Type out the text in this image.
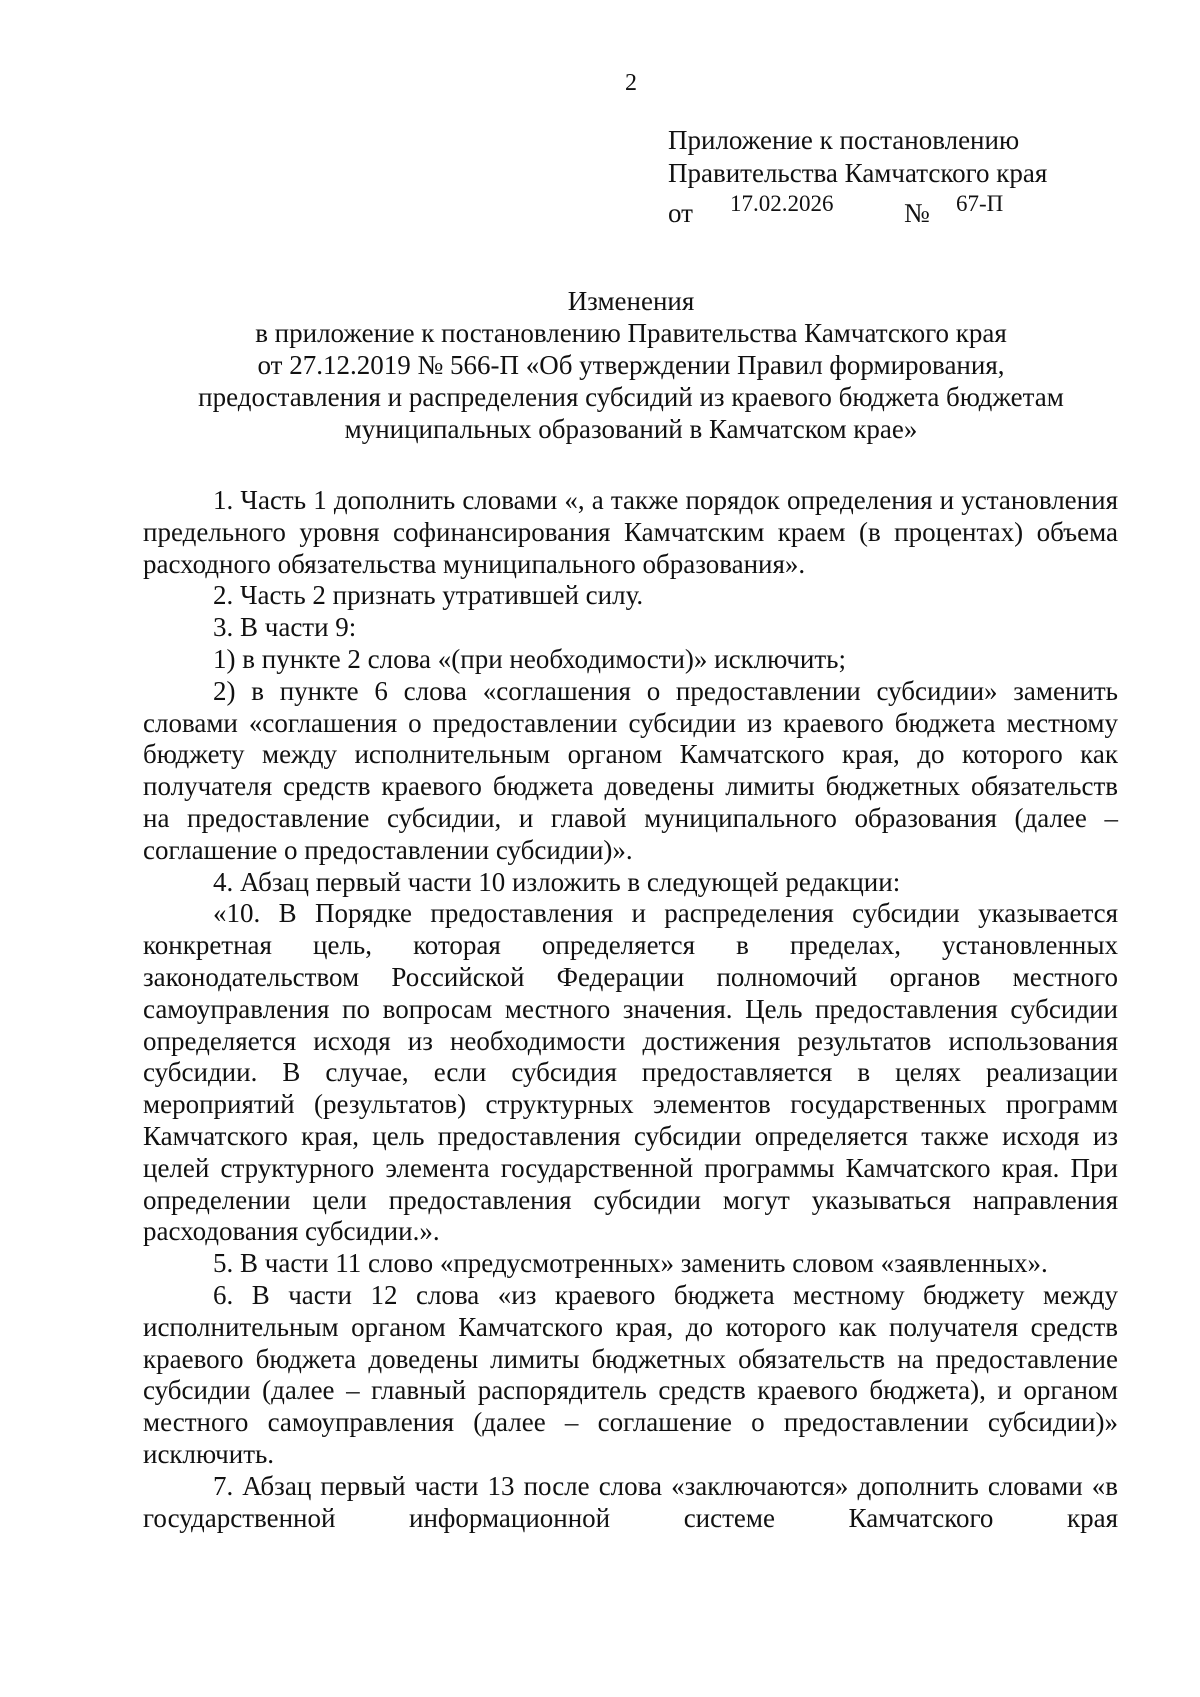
2
Приложение к постановлению
Правительства Камчатского края
от 17.02.2026	№ 67-П
Изменения
в приложение к постановлению Правительства Камчатского края
от 27.12.2019 № 566-П «Об утверждении Правил формирования,
предоставления и распределения субсидий из краевого бюджета бюджетам
муниципальных образований в Камчатском крае»

1. Часть 1 дополнить словами «, а также порядок определения и установления предельного уровня софинансирования Камчатским краем (в процентах) объема расходного обязательства муниципального образования».

2. Часть 2 признать утратившей силу.

3. В части 9:

1) в пункте 2 слова «(при необходимости)» исключить;

2) в пункте 6 слова «соглашения о предоставлении субсидии» заменить словами «соглашения о предоставлении субсидии из краевого бюджета местному бюджету между исполнительным органом Камчатского края, до которого как получателя средств краевого бюджета доведены лимиты бюджетных обязательств на предоставление субсидии, и главой муниципального образования (далее – соглашение о предоставлении субсидии)».

4. Абзац первый части 10 изложить в следующей редакции:

«10. В Порядке предоставления и распределения субсидии указывается конкретная цель, которая определяется в пределах, установленных законодательством Российской Федерации полномочий органов местного самоуправления по вопросам местного значения. Цель предоставления субсидии определяется исходя из необходимости достижения результатов использования субсидии. В случае, если субсидия предоставляется в целях реализации мероприятий (результатов) структурных элементов государственных программ Камчатского края, цель предоставления субсидии определяется также исходя из целей структурного элемента государственной программы Камчатского края. При определении цели предоставления субсидии могут указываться направления расходования субсидии.».

5. В части 11 слово «предусмотренных» заменить словом «заявленных».

6. В части 12 слова «из краевого бюджета местному бюджету между исполнительным органом Камчатского края, до которого как получателя средств краевого бюджета доведены лимиты бюджетных обязательств на предоставление субсидии (далее – главный распорядитель средств краевого бюджета), и органом местного самоуправления (далее – соглашение о предоставлении субсидии)» исключить.

7. Абзац первый части 13 после слова «заключаются» дополнить словами «в государственной информационной системе Камчатского края
